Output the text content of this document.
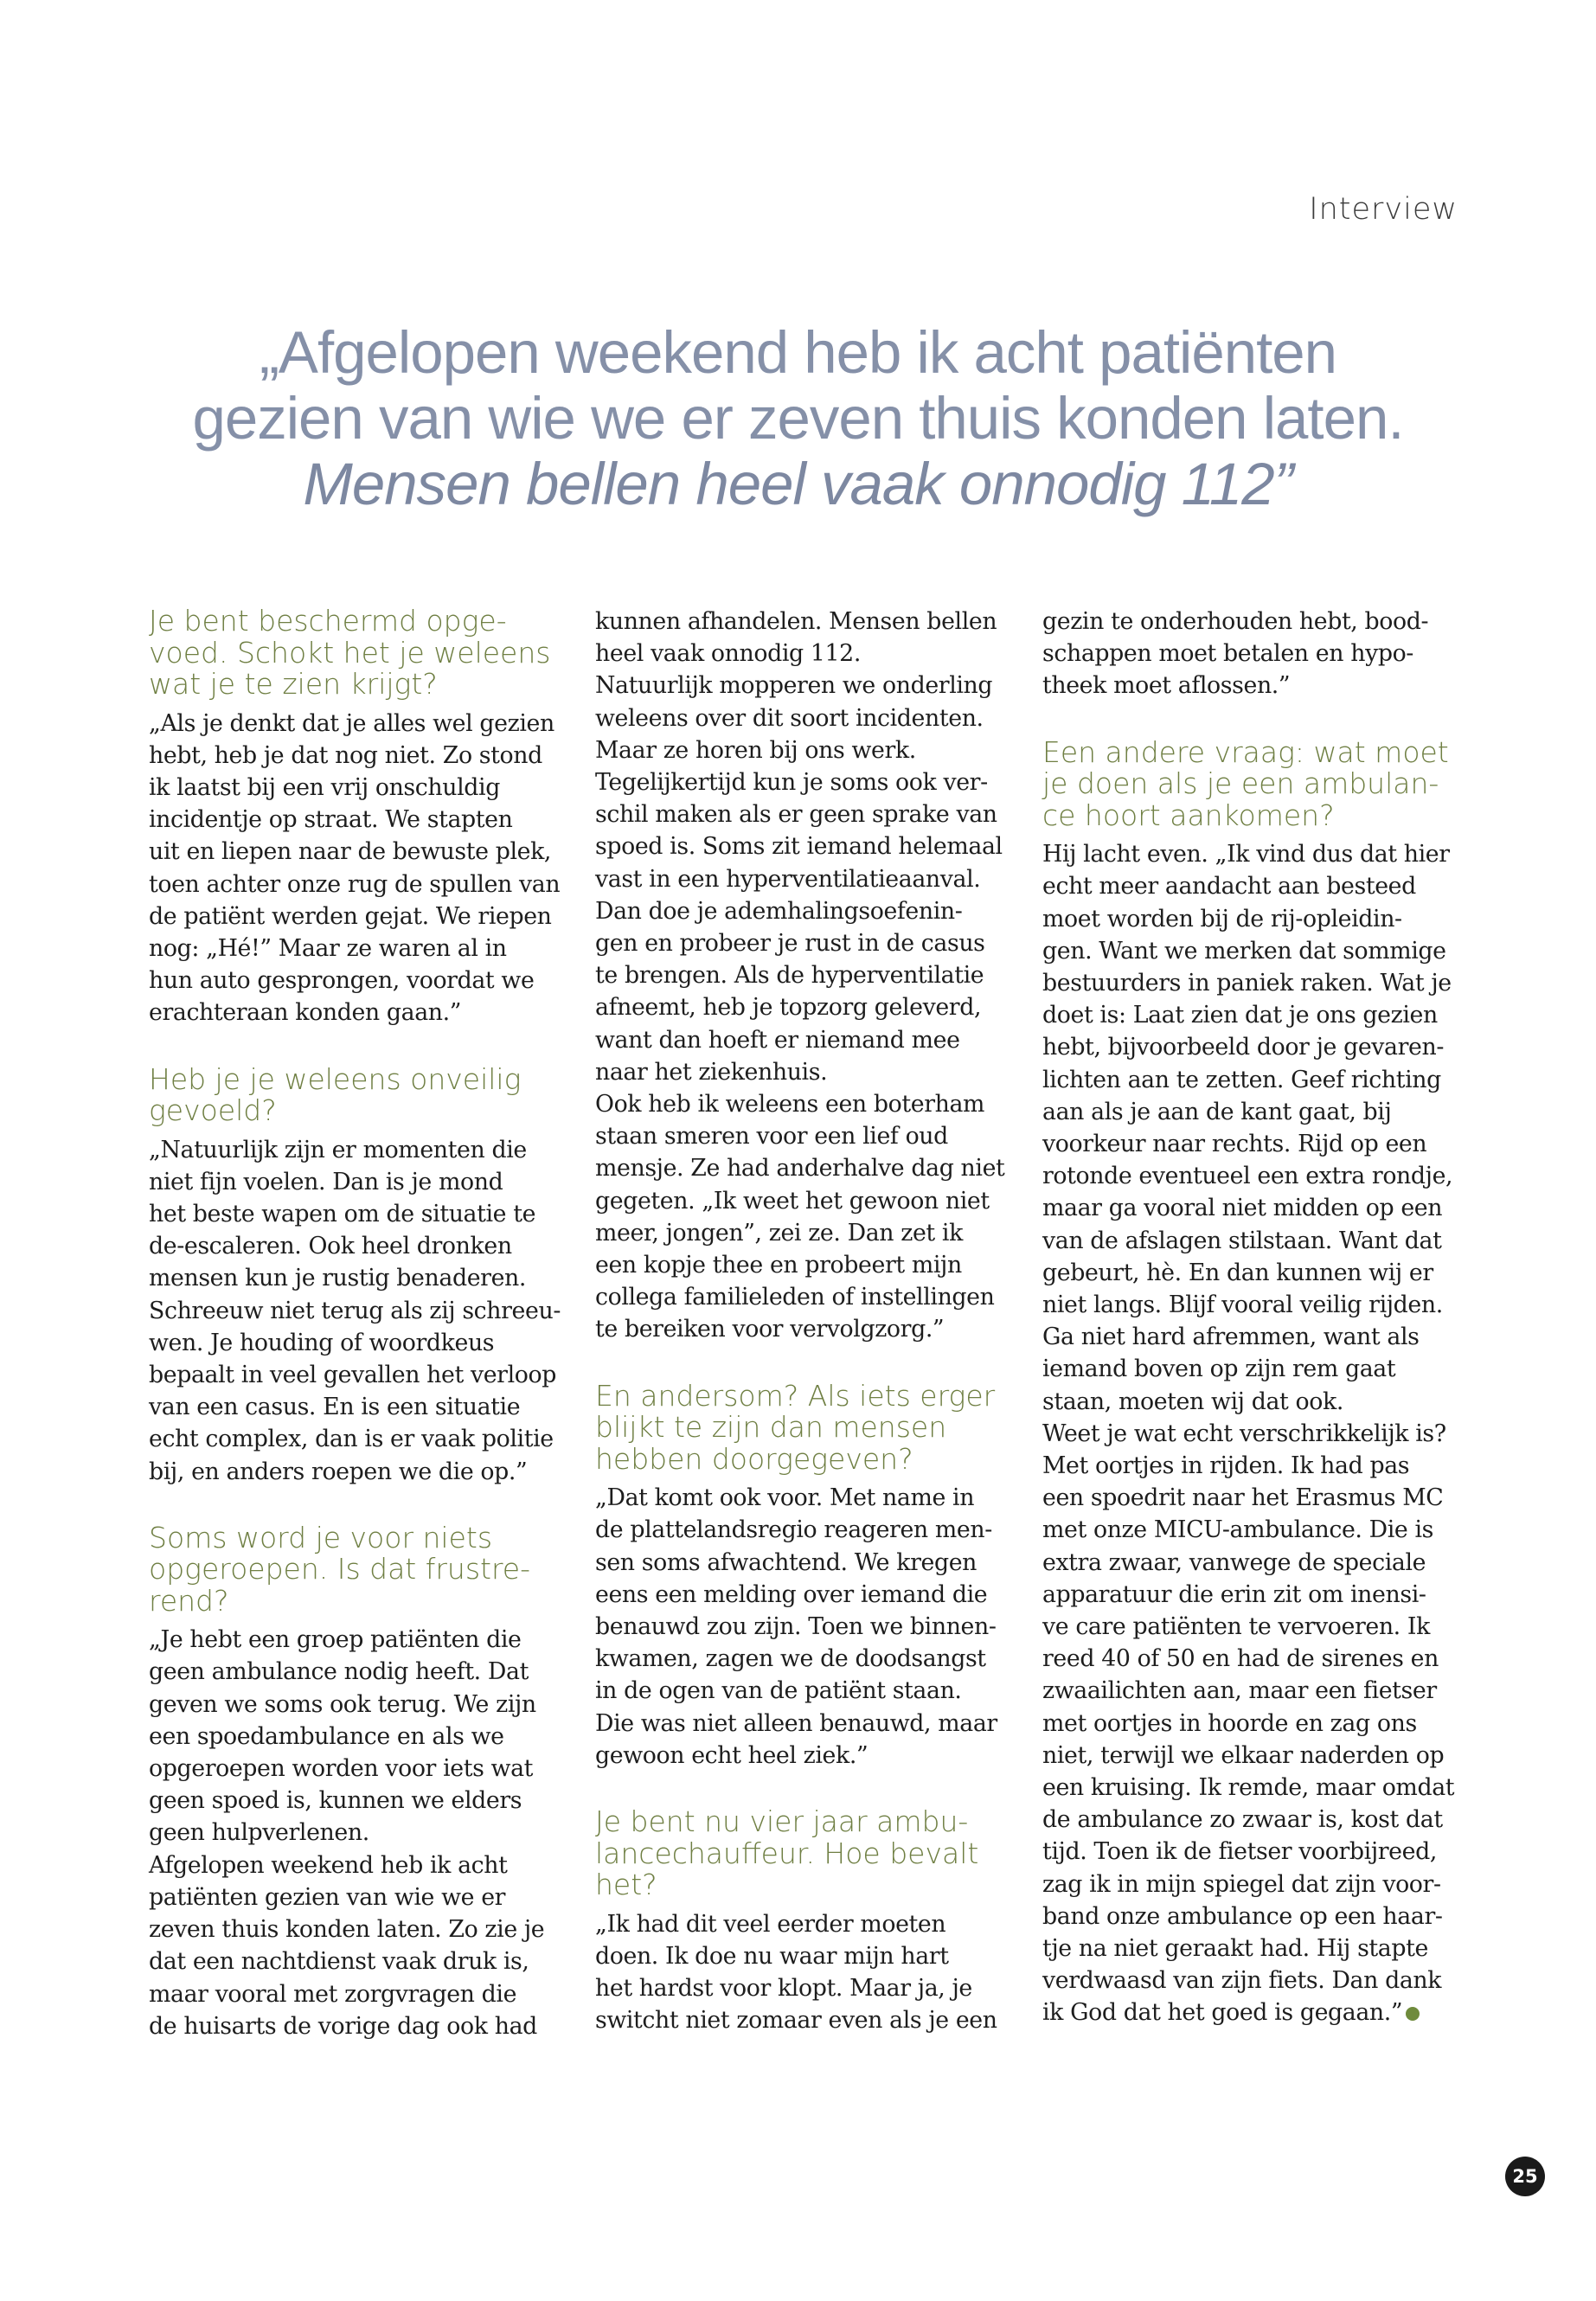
Interview
„Afgelopen weekend heb ik acht patiënten
gezien van wie we er zeven thuis konden laten.
Mensen bellen heel vaak onnodig 112”
Je bent beschermd opge-
voed. Schokt het je weleens
wat je te zien krijgt?

„Als je denkt dat je alles wel gezien
hebt, heb je dat nog niet. Zo stond
ik laatst bij een vrij onschuldig
incidentje op straat. We stapten
uit en liepen naar de bewuste plek,
toen achter onze rug de spullen van
de patiënt werden gejat. We riepen
nog: „Hé!” Maar ze waren al in
hun auto gesprongen, voordat we
erachteraan konden gaan.”

Heb je je weleens onveilig
gevoeld?

„Natuurlijk zijn er momenten die
niet fijn voelen. Dan is je mond
het beste wapen om de situatie te
de-escaleren. Ook heel dronken
mensen kun je rustig benaderen.
Schreeuw niet terug als zij schreeu-
wen. Je houding of woordkeus
bepaalt in veel gevallen het verloop
van een casus. En is een situatie
echt complex, dan is er vaak politie
bij, en anders roepen we die op.”

Soms word je voor niets
opgeroepen. Is dat frustre-
rend?

„Je hebt een groep patiënten die
geen ambulance nodig heeft. Dat
geven we soms ook terug. We zijn
een spoedambulance en als we
opgeroepen worden voor iets wat
geen spoed is, kunnen we elders
geen hulpverlenen.
Afgelopen weekend heb ik acht
patiënten gezien van wie we er
zeven thuis konden laten. Zo zie je
dat een nachtdienst vaak druk is,
maar vooral met zorgvragen die
de huisarts de vorige dag ook had

kunnen afhandelen. Mensen bellen
heel vaak onnodig 112.
Natuurlijk mopperen we onderling
weleens over dit soort incidenten.
Maar ze horen bij ons werk.
Tegelijkertijd kun je soms ook ver-
schil maken als er geen sprake van
spoed is. Soms zit iemand helemaal
vast in een hyperventilatieaanval.
Dan doe je ademhalingsoefenin-
gen en probeer je rust in de casus
te brengen. Als de hyperventilatie
afneemt, heb je topzorg geleverd,
want dan hoeft er niemand mee
naar het ziekenhuis.
Ook heb ik weleens een boterham
staan smeren voor een lief oud
mensje. Ze had anderhalve dag niet
gegeten. „Ik weet het gewoon niet
meer, jongen”, zei ze. Dan zet ik
een kopje thee en probeert mijn
collega familieleden of instellingen
te bereiken voor vervolgzorg.”

En andersom? Als iets erger
blijkt te zijn dan mensen
hebben doorgegeven?

„Dat komt ook voor. Met name in
de plattelandsregio reageren men-
sen soms afwachtend. We kregen
eens een melding over iemand die
benauwd zou zijn. Toen we binnen-
kwamen, zagen we de doodsangst
in de ogen van de patiënt staan.
Die was niet alleen benauwd, maar
gewoon echt heel ziek.”

Je bent nu vier jaar ambu-
lancechauffeur. Hoe bevalt
het?

„Ik had dit veel eerder moeten
doen. Ik doe nu waar mijn hart
het hardst voor klopt. Maar ja, je
switcht niet zomaar even als je een

gezin te onderhouden hebt, bood-
schappen moet betalen en hypo-
theek moet aflossen.”

Een andere vraag: wat moet
je doen als je een ambulan-
ce hoort aankomen?

Hij lacht even. „Ik vind dus dat hier
echt meer aandacht aan besteed
moet worden bij de rij-opleidin-
gen. Want we merken dat sommige
bestuurders in paniek raken. Wat je
doet is: Laat zien dat je ons gezien
hebt, bijvoorbeeld door je gevaren-
lichten aan te zetten. Geef richting
aan als je aan de kant gaat, bij
voorkeur naar rechts. Rijd op een
rotonde eventueel een extra rondje,
maar ga vooral niet midden op een
van de afslagen stilstaan. Want dat
gebeurt, hè. En dan kunnen wij er
niet langs. Blijf vooral veilig rijden.
Ga niet hard afremmen, want als
iemand boven op zijn rem gaat
staan, moeten wij dat ook.
Weet je wat echt verschrikkelijk is?
Met oortjes in rijden. Ik had pas
een spoedrit naar het Erasmus MC
met onze MICU-ambulance. Die is
extra zwaar, vanwege de speciale
apparatuur die erin zit om inensi-
ve care patiënten te vervoeren. Ik
reed 40 of 50 en had de sirenes en
zwaailichten aan, maar een fietser
met oortjes in hoorde en zag ons
niet, terwijl we elkaar naderden op
een kruising. Ik remde, maar omdat
de ambulance zo zwaar is, kost dat
tijd. Toen ik de fietser voorbijreed,
zag ik in mijn spiegel dat zijn voor-
band onze ambulance op een haar-
tje na niet geraakt had. Hij stapte
verdwaasd van zijn fiets. Dan dank
ik God dat het goed is gegaan.”

25
